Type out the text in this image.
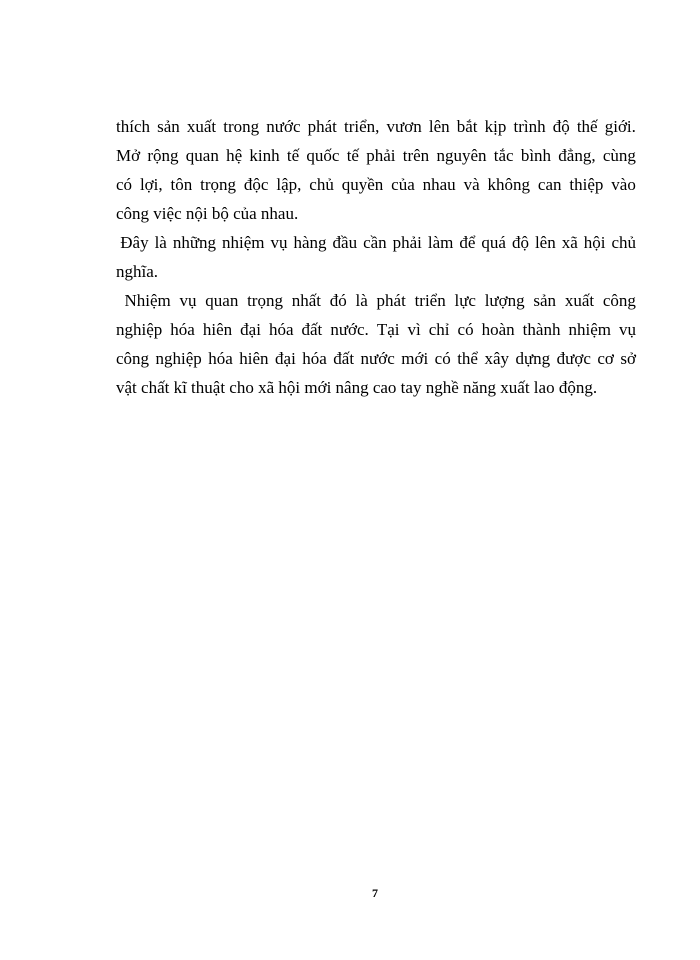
thích sản xuất trong nước phát triển, vươn lên bắt kịp trình độ thế giới.
Mở rộng quan hệ kinh tế quốc tế phải trên nguyên tắc bình đẳng, cùng
có lợi, tôn trọng độc lập, chủ quyền của nhau và không can thiệp vào
công việc nội bộ của nhau.
Đây là những nhiệm vụ hàng đầu cần phải làm để quá độ lên xã hội chủ
nghĩa.
Nhiệm vụ quan trọng nhất đó là phát triển lực lượng sản xuất công
nghiệp hóa hiên đại hóa đất nước. Tại vì chỉ có hoàn thành nhiệm vụ
công nghiệp hóa hiên đại hóa đất nước mới có thể xây dựng được cơ sở
vật chất kĩ thuật cho xã hội mới nâng cao tay nghề năng xuất lao động.
7
